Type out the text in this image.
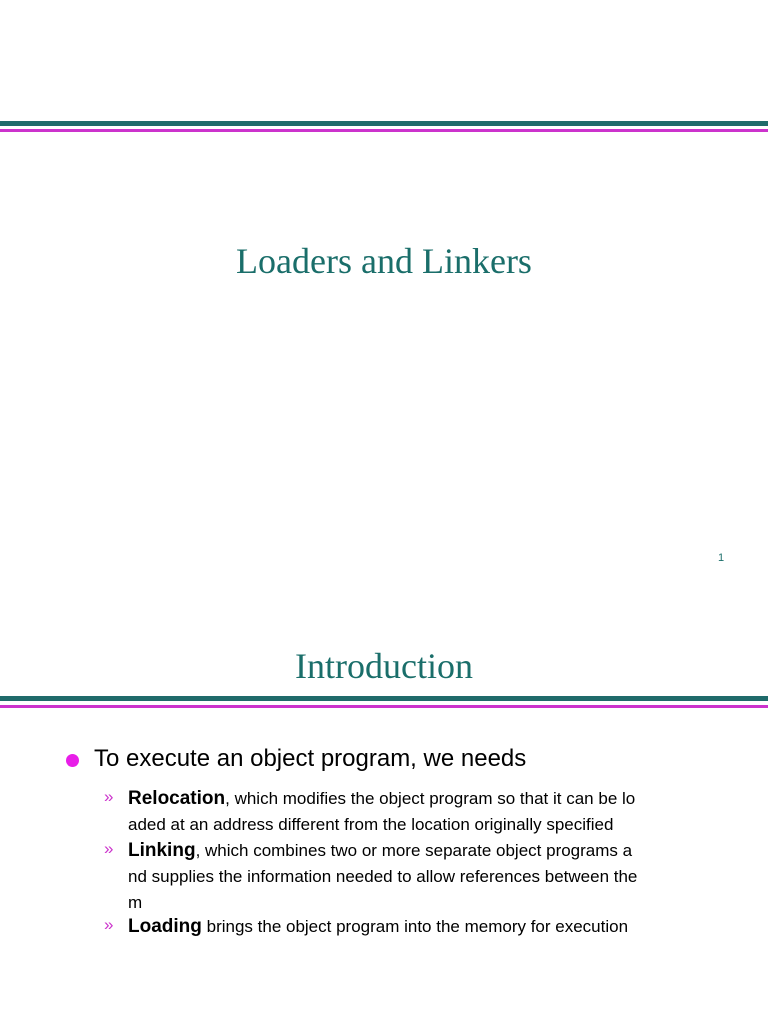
Loaders and Linkers
1
Introduction
To execute an object program, we needs
» Relocation, which modifies the object program so that it can be lo
aded at an address different from the location originally specified
» Linking, which combines two or more separate object programs a
nd supplies the information needed to allow references between the
m
» Loading brings the object program into the memory for execution
